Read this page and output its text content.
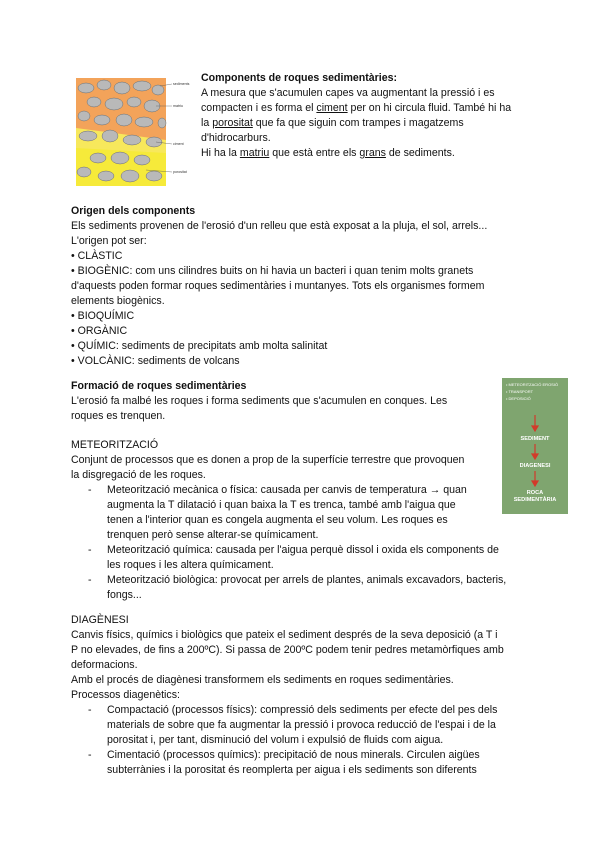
sediments
matriu
ciment
porositat

Components de roques sedimentàries:

A mesura que s'acumulen capes va augmentant la pressió i es

compacten i es forma el ciment per on hi circula fluid. També hi ha

la porositat que fa que siguin com trampes i magatzems

d'hidrocarburs.

Hi ha la matriu que està entre els grans de sediments.

Origen dels components

Els sediments provenen de l'erosió d'un relleu que està exposat a la pluja, el sol, arrels...

L'origen pot ser:

• CLÀSTIC
• BIOGÈNIC: com uns cilindres buits on hi havia un bacteri i quan tenim molts granets
d'aquests poden formar roques sedimentàries i muntanyes. Tots els organismes formem
elements biogènics.
• BIOQUÍMIC
• ORGÀNIC
• QUÍMIC: sediments de precipitats amb molta salinitat
• VOLCÀNIC: sediments de volcans

Formació de roques sedimentàries

L'erosió fa malbé les roques i forma sediments que s'acumulen en conques. Les

roques es trenquen.

• METEORITZACIÓ EROSIÓ
• TRANSPORT
• DEPOSICIÓ
SEDIMENT
DIAGENESI
ROCA
SEDIMENTÀRIA

METEORITZACIÓ

Conjunt de processos que es donen a prop de la superfície terrestre que provoquen

la disgregació de les roques.

- Meteorització mecànica o física: causada per canvis de temperatura → quan

augmenta la T dilatació i quan baixa la T es trenca, també amb l'aigua que

tenen a l'interior quan es congela augmenta el seu volum. Les roques es

trenquen però sense alterar-se químicament.

- Meteorització química: causada per l'aigua perquè dissol i oxida els components de

les roques i les altera químicament.

- Meteorització biològica: provocat per arrels de plantes, animals excavadors, bacteris,

fongs...

DIAGÈNESI

Canvis físics, químics i biològics que pateix el sediment després de la seva deposició (a T i

P no elevades, de fins a 200ºC). Si passa de 200ºC podem tenir pedres metamòrfiques amb

deformacions.

Amb el procés de diagènesi transformem els sediments en roques sedimentàries.

Processos diagenètics:

- Compactació (processos físics): compressió dels sediments per efecte del pes dels

materials de sobre que fa augmentar la pressió i provoca reducció de l'espai i de la

porositat i, per tant, disminució del volum i expulsió de fluids com aigua.

- Cimentació (processos químics): precipitació de nous minerals. Circulen aigües

subterrànies i la porositat és reomplerta per aigua i els sediments son diferents
